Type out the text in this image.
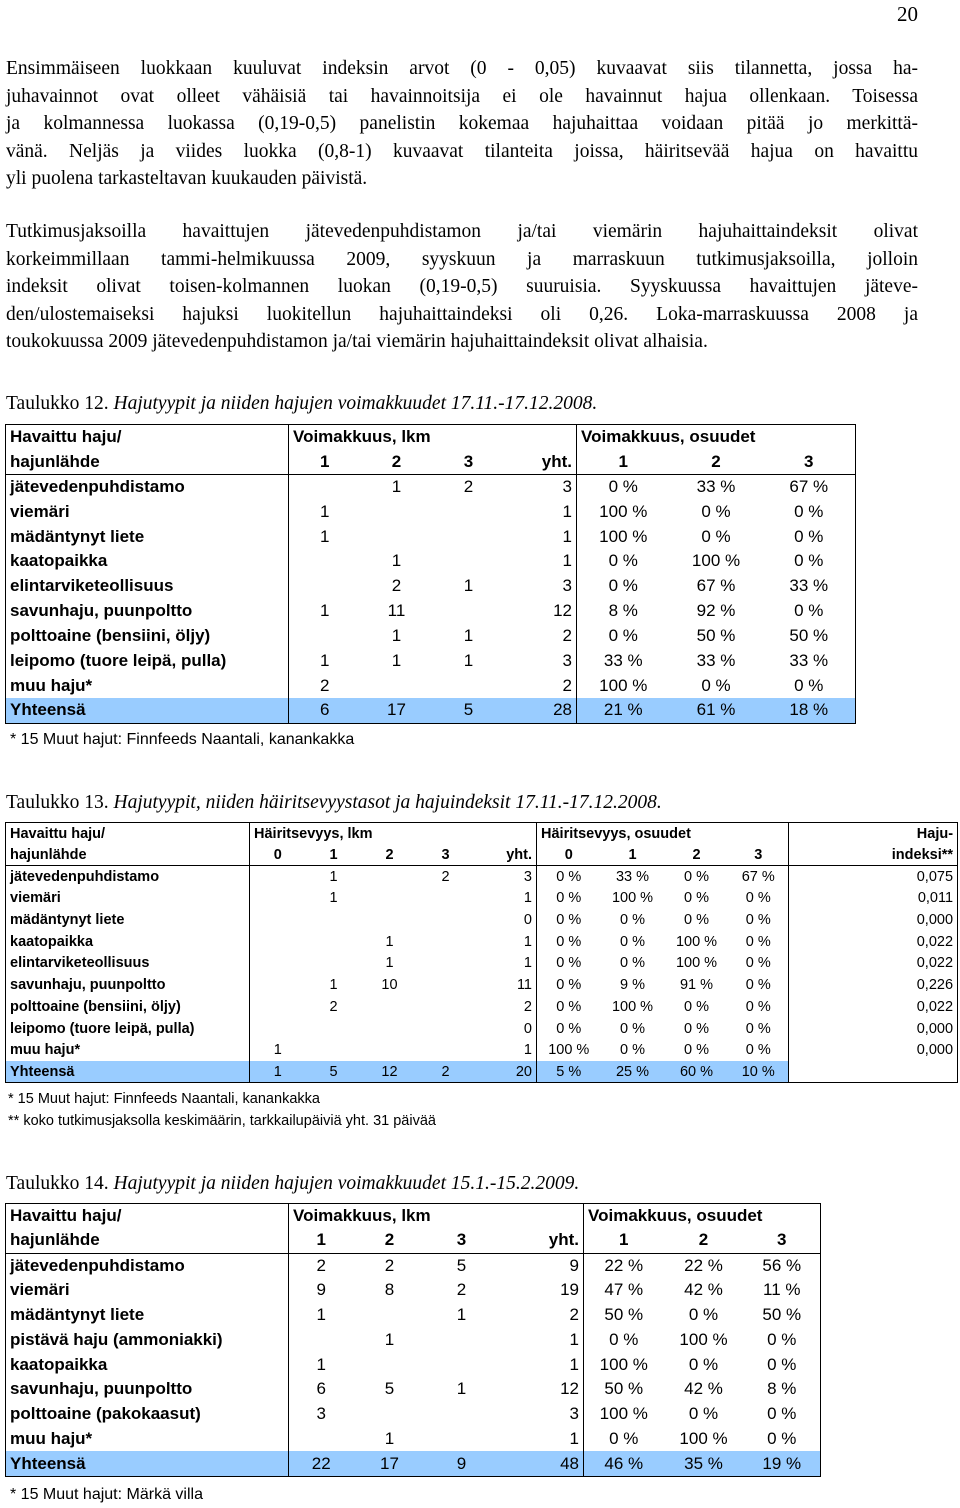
20
Ensimmäiseen luokkaan kuuluvat indeksin arvot (0 - 0,05) kuvaavat siis tilannetta, jossa ha-
juhavainnot ovat olleet vähäisiä tai havainnoitsija ei ole havainnut hajua ollenkaan. Toisessa
ja kolmannessa luokassa (0,19-0,5) panelistin kokemaa hajuhaittaa voidaan pitää jo merkittä-
vänä. Neljäs ja viides luokka (0,8-1) kuvaavat tilanteita joissa, häiritsevää hajua on havaittu
yli puolena tarkasteltavan kuukauden päivistä.
Tutkimusjaksoilla havaittujen jätevedenpuhdistamon ja/tai viemärin hajuhaittaindeksit olivat
korkeimmillaan tammi-helmikuussa 2009, syyskuun ja marraskuun tutkimusjaksoilla, jolloin
indeksit olivat toisen-kolmannen luokan (0,19-0,5) suuruisia. Syyskuussa havaittujen jäteve-
den/ulostemaiseksi hajuksi luokitellun hajuhaittaindeksi oli 0,26. Loka-marraskuussa 2008 ja
toukokuussa 2009 jätevedenpuhdistamon ja/tai viemärin hajuhaittaindeksit olivat alhaisia.
Taulukko 12. Hajutyypit ja niiden hajujen voimakkuudet 17.11.-17.12.2008.
Havaittu haju/	Voimakkuus, lkm				Voimakkuus, osuudet		
hajunlähde	1	2	3	yht.	1	2	3
jätevedenpuhdistamo		1	2	3	0 %	33 %	67 %
viemäri	1			1	100 %	0 %	0 %
mädäntynyt liete	1			1	100 %	0 %	0 %
kaatopaikka		1		1	0 %	100 %	0 %
elintarviketeollisuus		2	1	3	0 %	67 %	33 %
savunhaju, puunpoltto	1	11		12	8 %	92 %	0 %
polttoaine (bensiini, öljy)		1	1	2	0 %	50 %	50 %
leipomo (tuore leipä, pulla)	1	1	1	3	33 %	33 %	33 %
muu haju*	2			2	100 %	0 %	0 %
Yhteensä	6	17	5	28	21 %	61 %	18 %
* 15 Muut hajut: Finnfeeds Naantali, kanankakka
Taulukko 13. Hajutyypit, niiden häiritsevyystasot ja hajuindeksit 17.11.-17.12.2008.
Havaittu haju/	Häiritsevyys, lkm					Häiritsevyys, osuudet				Haju-
hajunlähde	0	1	2	3	yht.	0	1	2	3	indeksi**
jätevedenpuhdistamo		1		2	3	0 %	33 %	0 %	67 %	0,075
viemäri		1			1	0 %	100 %	0 %	0 %	0,011
mädäntynyt liete					0	0 %	0 %	0 %	0 %	0,000
kaatopaikka			1		1	0 %	0 %	100 %	0 %	0,022
elintarviketeollisuus			1		1	0 %	0 %	100 %	0 %	0,022
savunhaju, puunpoltto		1	10		11	0 %	9 %	91 %	0 %	0,226
polttoaine (bensiini, öljy)		2			2	0 %	100 %	0 %	0 %	0,022
leipomo (tuore leipä, pulla)					0	0 %	0 %	0 %	0 %	0,000
muu haju*	1				1	100 %	0 %	0 %	0 %	0,000
Yhteensä	1	5	12	2	20	5 %	25 %	60 %	10 %	
* 15 Muut hajut: Finnfeeds Naantali, kanankakka
** koko tutkimusjaksolla keskimäärin, tarkkailupäiviä yht. 31 päivää
Taulukko 14. Hajutyypit ja niiden hajujen voimakkuudet 15.1.-15.2.2009.
Havaittu haju/	Voimakkuus, lkm				Voimakkuus, osuudet		
hajunlähde	1	2	3	yht.	1	2	3
jätevedenpuhdistamo	2	2	5	9	22 %	22 %	56 %
viemäri	9	8	2	19	47 %	42 %	11 %
mädäntynyt liete	1		1	2	50 %	0 %	50 %
pistävä haju (ammoniakki)		1		1	0 %	100 %	0 %
kaatopaikka	1			1	100 %	0 %	0 %
savunhaju, puunpoltto	6	5	1	12	50 %	42 %	8 %
polttoaine (pakokaasut)	3			3	100 %	0 %	0 %
muu haju*		1		1	0 %	100 %	0 %
Yhteensä	22	17	9	48	46 %	35 %	19 %
* 15 Muut hajut: Märkä villa
